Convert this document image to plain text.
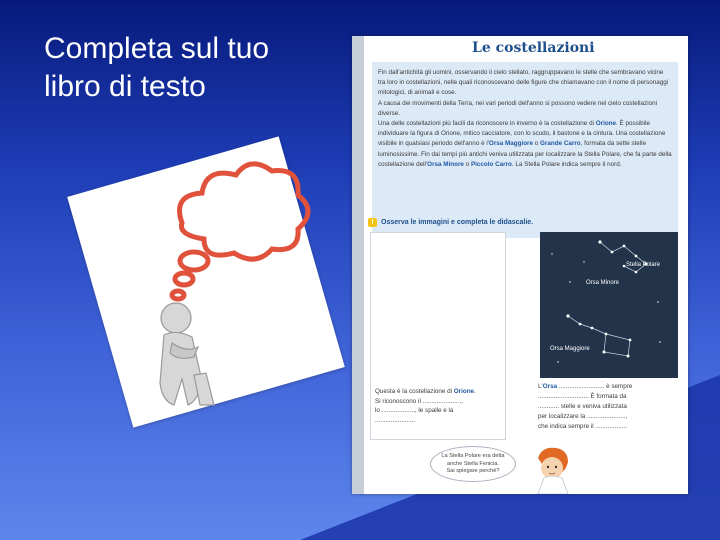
Completa sul tuo libro di testo
Le costellazioni

Fin dall'antichità gli uomini, osservando il cielo stellato, raggruppavano le stelle che sembravano vicine tra loro in costellazioni, nelle quali riconoscevano delle figure che chiamavano con il nome di personaggi mitologici, di animali e cose.

A causa dei movimenti della Terra, nei vari periodi dell'anno si possono vedere nel cielo costellazioni diverse.

Una delle costellazioni più facili da riconoscere in inverno è la costellazione di Orione. È possibile individuare la figura di Orione, mitico cacciatore, con lo scudo, il bastone e la cintura. Una costellazione visibile in qualsiasi periodo dell'anno è l'Orsa Maggiore o Grande Carro, formata da sette stelle luminosissime. Fin dai tempi più antichi veniva utilizzata per localizzare la Stella Polare, che fa parte della costellazione dell'Orsa Minore o Piccolo Carro. La Stella Polare indica sempre il nord.

! Osserva le immagini e completa le didascalie.
Questa è la costellazione di Orione.
Si riconoscono il ......................,
lo ..................., le spalle e la
.......................
Stella Polare
Orsa Minore
Orsa Maggiore
L'Orsa .......................... è sempre
............................. È formata da
............ stelle e veniva utilizzata
per localizzare la ......................,
che indica sempre il ..................
La Stella Polare era detta
anche Stella Fenicia.
Sai spiegare perché?
